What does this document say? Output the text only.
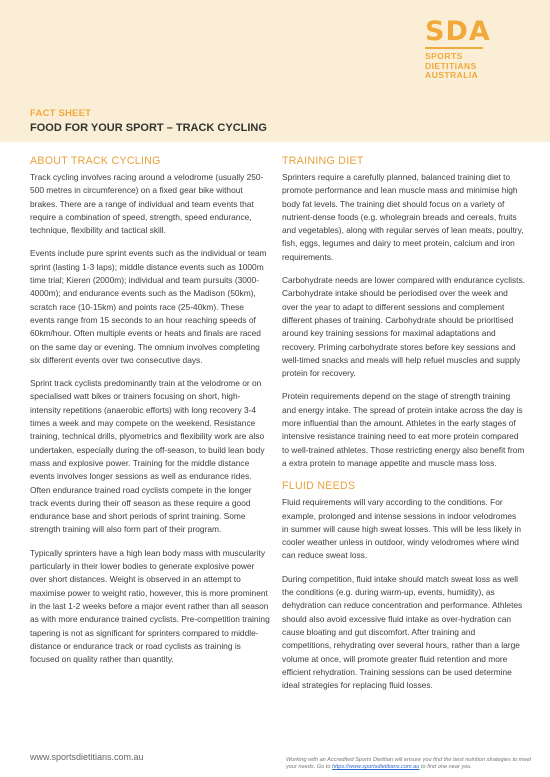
SDA
SPORTS
DIETITIANS
AUSTRALIA
FACT SHEET
FOOD FOR YOUR SPORT – TRACK CYCLING
ABOUT TRACK CYCLING

Track cycling involves racing around a velodrome (usually 250-500 metres in circumference) on a fixed gear bike without brakes. There are a range of individual and team events that require a combination of speed, strength, speed endurance, technique, flexibility and tactical skill.

Events include pure sprint events such as the individual or team sprint (lasting 1-3 laps); middle distance events such as 1000m time trial; Kieren (2000m); individual and team pursuits (3000-4000m); and endurance events such as the Madison (50km), scratch race (10-15km) and points race (25-40km). These events range from 15 seconds to an hour reaching speeds of 60km/hour. Often multiple events or heats and finals are raced on the same day or evening. The omnium involves completing six different events over two consecutive days.

Sprint track cyclists predominantly train at the velodrome or on specialised watt bikes or trainers focusing on short, high-intensity repetitions (anaerobic efforts) with long recovery 3-4 times a week and may compete on the weekend. Resistance training, technical drills, plyometrics and flexibility work are also undertaken, especially during the off-season, to build lean body mass and explosive power. Training for the middle distance events involves longer sessions as well as endurance rides. Often endurance trained road cyclists compete in the longer track events during their off season as these require a good endurance base and short periods of sprint training. Some strength training will also form part of their program.

Typically sprinters have a high lean body mass with muscularity particularly in their lower bodies to generate explosive power over short distances. Weight is observed in an attempt to maximise power to weight ratio, however, this is more prominent in the last 1-2 weeks before a major event rather than all season as with more endurance trained cyclists. Pre-competition training tapering is not as significant for sprinters compared to middle-distance or endurance track or road cyclists as training is focused on quality rather than quantity.

TRAINING DIET

Sprinters require a carefully planned, balanced training diet to promote performance and lean muscle mass and minimise high body fat levels. The training diet should focus on a variety of nutrient-dense foods (e.g. wholegrain breads and cereals, fruits and vegetables), along with regular serves of lean meats, poultry, fish, eggs, legumes and dairy to meet protein, calcium and iron requirements.

Carbohydrate needs are lower compared with endurance cyclists. Carbohydrate intake should be periodised over the week and over the year to adapt to different sessions and complement different phases of training. Carbohydrate should be prioritised around key training sessions for maximal adaptations and recovery. Priming carbohydrate stores before key sessions and well-timed snacks and meals will help refuel muscles and supply protein for recovery.

Protein requirements depend on the stage of strength training and energy intake. The spread of protein intake across the day is more influential than the amount. Athletes in the early stages of intensive resistance training need to eat more protein compared to well-trained athletes. Those restricting energy also benefit from a extra protein to manage appetite and muscle mass loss.

FLUID NEEDS

Fluid requirements will vary according to the conditions. For example, prolonged and intense sessions in indoor velodromes in summer will cause high sweat losses. This will be less likely in cooler weather unless in outdoor, windy velodromes where wind can reduce sweat loss.

During competition, fluid intake should match sweat loss as well the conditions (e.g. during warm-up, events, humidity), as dehydration can reduce concentration and performance. Athletes should also avoid excessive fluid intake as over-hydration can cause bloating and gut discomfort. After training and competitions, rehydrating over several hours, rather than a large volume at once, will promote greater fluid retention and more efficient rehydration. Training sessions can be used determine ideal strategies for replacing fluid losses.

www.sportsdietitians.com.au	Working with an Accredited Sports Dietitian will ensure you find the best nutrition strategies to meet your needs. Go to https://www.sportsdietitians.com.au to find one near you.
